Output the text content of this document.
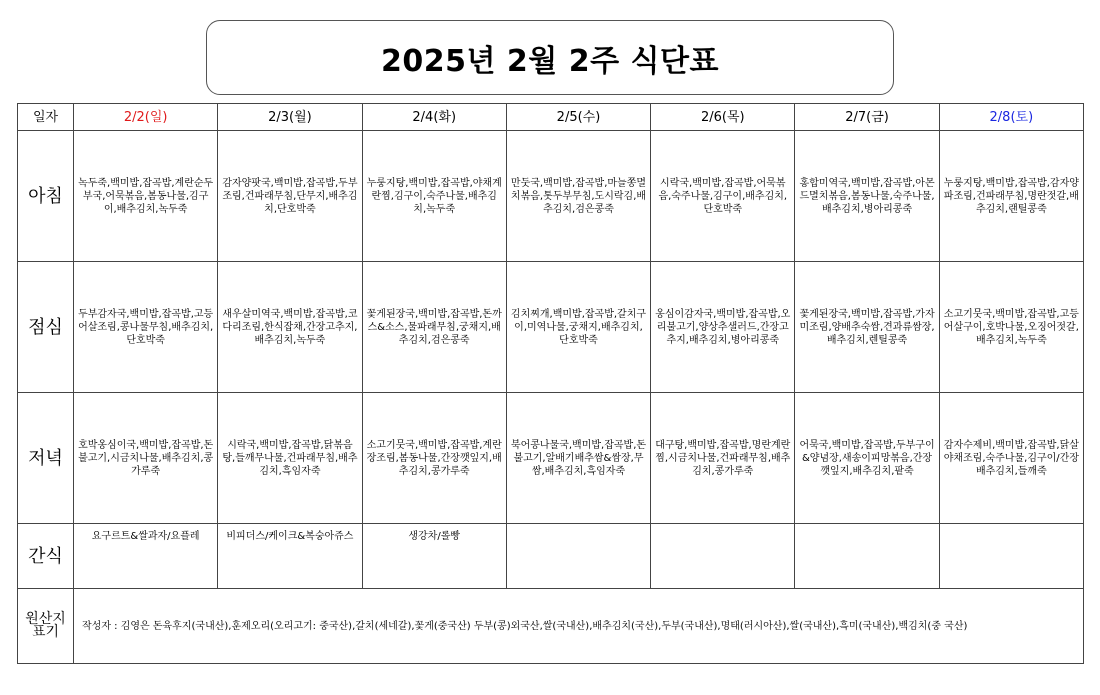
2025년 2월 2주 식단표
일자	2/2(일)	2/3(월)	2/4(화)	2/5(수)	2/6(목)	2/7(금)	2/8(토)
아침	녹두죽,백미밥,잡곡밥,계란순두부국,어묵볶음,봄동나물,김구이,배추김치,녹두죽	감자양팟국,백미밥,잡곡밥,두부조림,건파래무침,단무지,배추김치,단호박죽	누룽지탕,백미밥,잡곡밥,야채계란찜,김구이,숙주나물,배추김치,녹두죽	만둣국,백미밥,잡곡밥,마늘쫑멸치볶음,톳두부무침,도시락김,배추김치,검은콩죽	시락국,백미밥,잡곡밥,어묵볶음,숙주나물,김구이,배추김치,단호박죽	홍합미역국,백미밥,잡곡밥,아몬드멸치볶음,봄동나물,숙주나물,배추김치,병아리콩죽	누룽지탕,백미밥,잡곡밥,감자양파조림,건파래무침,명란젓갈,배추김치,랜틸콩죽
점심	두부감자국,백미밥,잡곡밥,고등어살조림,콩나물무침,배추김치,단호박죽	새우살미역국,백미밥,잡곡밥,코다리조림,한식잡채,간장고추지,배추김치,녹두죽	꽃게된장국,백미밥,잡곡밥,돈까스&소스,물파래무침,궁채지,배추김치,검은콩죽	김치찌개,백미밥,잡곡밥,갈치구이,미역나물,궁채지,배추김치,단호박죽	옹심이감자국,백미밥,잡곡밥,오리불고기,양상추샐러드,간장고추지,배추김치,병아리콩죽	꽃게된장국,백미밥,잡곡밥,가자미조림,양배추숙쌈,견과류쌈장,배추김치,렌틸콩죽	소고기뭇국,백미밥,잡곡밥,고등어살구이,호박나물,오징어젓갈,배추김치,녹두죽
저녁	호박옹심이국,백미밥,잡곡밥,돈불고기,시금치나물,배추김치,콩가루죽	시락국,백미밥,잡곡밥,닭볶음탕,들깨무나물,건파래무침,배추김치,흑임자죽	소고기뭇국,백미밥,잡곡밥,계란장조림,봄동나물,간장깻잎지,배추김치,콩가루죽	북어콩나물국,백미밥,잡곡밥,돈불고기,알배기배추쌈&쌈장,무쌈,배추김치,흑임자죽	대구탕,백미밥,잡곡밥,명란계란찜,시금치나물,건파래무침,배추김치,콩가루죽	어묵국,백미밥,잡곡밥,두부구이&양념장,새송이피망볶음,간장깻잎지,배추김치,팥죽	감자수제비,백미밥,잡곡밥,닭살야채조림,숙주나물,김구이/간장배추김치,들깨죽
간식	요구르트&쌀과자/요플레	비피더스/케이크&복숭아쥬스	생강차/롤빵				
원산지 표기	작성자 : 김영은 돈육후지(국내산),훈제오리(오리고기: 중국산),갈치(세네갈),꽃게(중국산) 두부(콩)외국산,쌀(국내산),배추김치(국산),두부(국내산),명태(러시아산),쌀(국내산),흑미(국내산),백김치(중 국산)						
